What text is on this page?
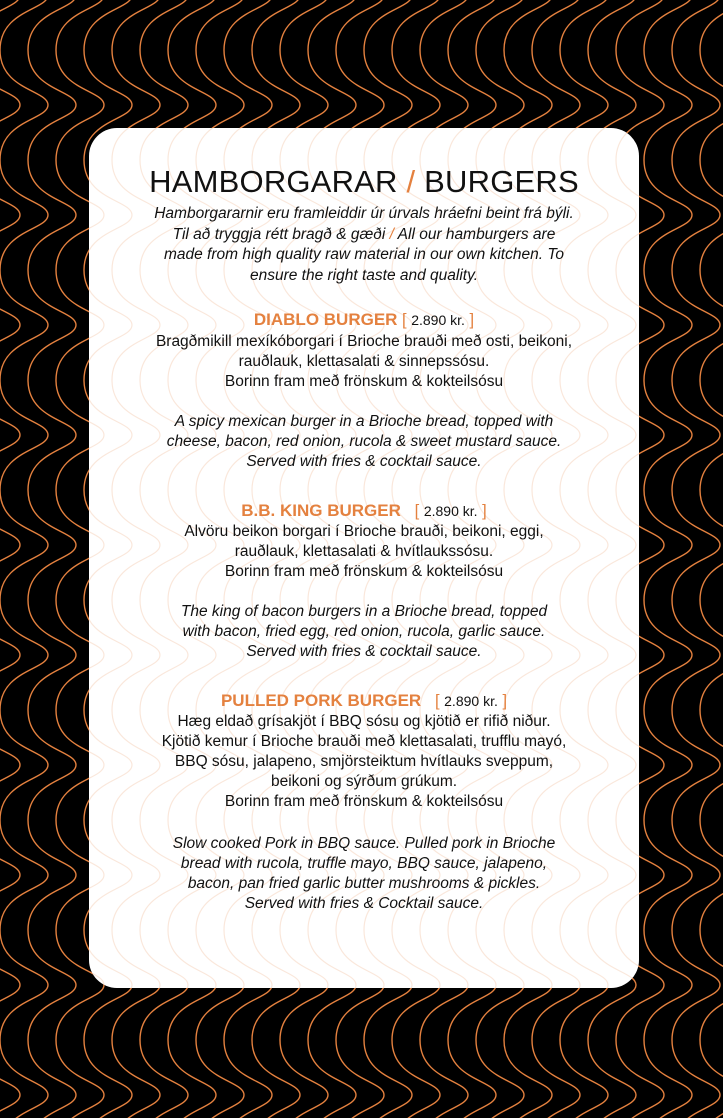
HAMBORGARAR / BURGERS
Hamborgararnir eru framleiddir úr úrvals hráefni beint frá býli.
Til að tryggja rétt bragð & gæði / All our hamburgers are
made from high quality raw material in our own kitchen. To
ensure the right taste and quality.
DIABLO BURGER [ 2.890 kr. ]
Bragðmikill mexíkóborgari í Brioche brauði með osti, beikoni,
rauðlauk, klettasalati & sinnepssósu.
Borinn fram með frönskum & kokteilsósu
A spicy mexican burger in a Brioche bread, topped with
cheese, bacon, red onion, rucola & sweet mustard sauce.
Served with fries & cocktail sauce.
B.B. KING BURGER [ 2.890 kr. ]
Alvöru beikon borgari í Brioche brauði, beikoni, eggi,
rauðlauk, klettasalati & hvítlaukssósu.
Borinn fram með frönskum & kokteilsósu
The king of bacon burgers in a Brioche bread, topped
with bacon, fried egg, red onion, rucola, garlic sauce.
Served with fries & cocktail sauce.
PULLED PORK BURGER [ 2.890 kr. ]
Hæg eldað grísakjöt í BBQ sósu og kjötið er rifið niður.
Kjötið kemur í Brioche brauði með klettasalati, trufflu mayó,
BBQ sósu, jalapeno, smjörsteiktum hvítlauks sveppum,
beikoni og sýrðum grúkum.
Borinn fram með frönskum & kokteilsósu
Slow cooked Pork in BBQ sauce. Pulled pork in Brioche
bread with rucola, truffle mayo, BBQ sauce, jalapeno,
bacon, pan fried garlic butter mushrooms & pickles.
Served with fries & Cocktail sauce.
